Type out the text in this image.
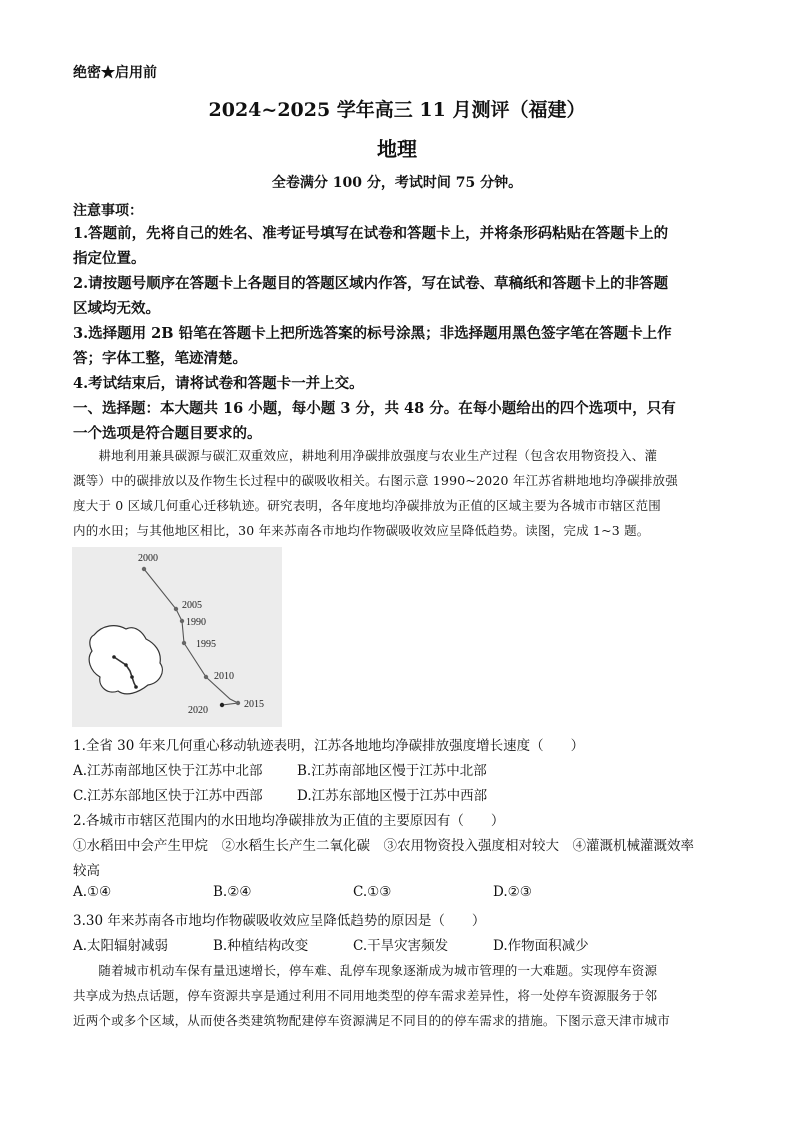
绝密★启用前
2024~2025 学年高三 11 月测评（福建）
地理
全卷满分 100 分，考试时间 75 分钟。
注意事项：
1.答题前，先将自己的姓名、准考证号填写在试卷和答题卡上，并将条形码粘贴在答题卡上的
指定位置。
2.请按题号顺序在答题卡上各题目的答题区域内作答，写在试卷、草稿纸和答题卡上的非答题
区域均无效。
3.选择题用 2B 铅笔在答题卡上把所选答案的标号涂黑；非选择题用黑色签字笔在答题卡上作
答；字体工整，笔迹清楚。
4.考试结束后，请将试卷和答题卡一并上交。
一、选择题：本大题共 16 小题，每小题 3 分，共 48 分。在每小题给出的四个选项中，只有
一个选项是符合题目要求的。
　　耕地利用兼具碳源与碳汇双重效应，耕地利用净碳排放强度与农业生产过程（包含农用物资投入、灌
溉等）中的碳排放以及作物生长过程中的碳吸收相关。右图示意 1990~2020 年江苏省耕地地均净碳排放强
度大于 0 区域几何重心迁移轨迹。研究表明，各年度地均净碳排放为正值的区域主要为各城市市辖区范围
内的水田；与其他地区相比，30 年来苏南各市地均作物碳吸收效应呈降低趋势。读图，完成 1~3 题。
2000
2005
1990
1995
2010
2015
2020
1.全省 30 年来几何重心移动轨迹表明，江苏各地地均净碳排放强度增长速度（　　）
A.江苏南部地区快于江苏中北部	B.江苏南部地区慢于江苏中北部
C.江苏东部地区快于江苏中西部	D.江苏东部地区慢于江苏中西部
2.各城市市辖区范围内的水田地均净碳排放为正值的主要原因有（　　）
①水稻田中会产生甲烷　②水稻生长产生二氧化碳　③农用物资投入强度相对较大　④灌溉机械灌溉效率
较高
A.①④	B.②④	C.①③	D.②③
3.30 年来苏南各市地均作物碳吸收效应呈降低趋势的原因是（　　）
A.太阳辐射减弱	B.种植结构改变	C.干旱灾害频发	D.作物面积减少
　　随着城市机动车保有量迅速增长，停车难、乱停车现象逐渐成为城市管理的一大难题。实现停车资源
共享成为热点话题，停车资源共享是通过利用不同用地类型的停车需求差异性，将一处停车资源服务于邻
近两个或多个区域，从而使各类建筑物配建停车资源满足不同目的的停车需求的措施。下图示意天津市城市
